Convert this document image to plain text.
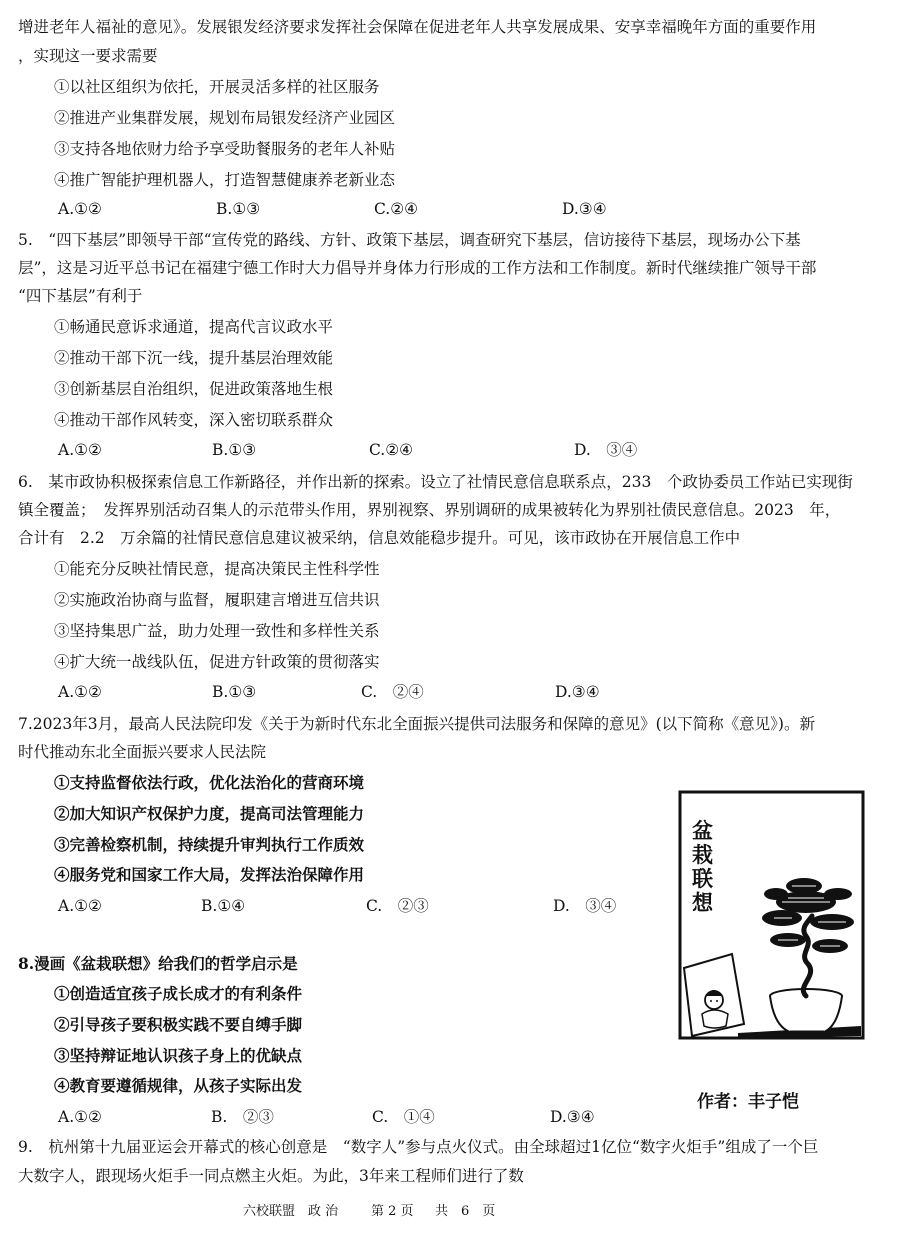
增进老年人福祉的意见》。发展银发经济要求发挥社会保障在促进老年人共享发展成果、安享幸福晚年方面的重要作用
，实现这一要求需要
①以社区组织为依托，开展灵活多样的社区服务
②推进产业集群发展，规划布局银发经济产业园区
③支持各地依财力给予享受助餐服务的老年人补贴
④推广智能护理机器人，打造智慧健康养老新业态
A.①②	B.①③	C.②④	D.③④
5.　“四下基层”即领导干部“宣传党的路线、方针、政策下基层，调查研究下基层，信访接待下基层，现场办公下基
层”，这是习近平总书记在福建宁德工作时大力倡导并身体力行形成的工作方法和工作制度。新时代继续推广领导干部
“四下基层”有利于
①畅通民意诉求通道，提高代言议政水平
②推动干部下沉一线，提升基层治理效能
③创新基层自治组织，促进政策落地生根
④推动干部作风转变，深入密切联系群众
A.①②	B.①③	C.②④	D.　③④
6.　某市政协积极探索信息工作新路径，并作出新的探索。设立了社情民意信息联系点，233　个政协委员工作站已实现街
镇全覆盖；　发挥界别活动召集人的示范带头作用，界别视察、界别调研的成果被转化为界别社债民意信息。2023　年，
合计有　2.2　万余篇的社情民意信息建议被采纳，信息效能稳步提升。可见，该市政协在开展信息工作中
①能充分反映社情民意，提高决策民主性科学性
②实施政治协商与监督，履职建言增进互信共识
③坚持集思广益，助力处理一致性和多样性关系
④扩大统一战线队伍，促进方针政策的贯彻落实
A.①②	B.①③	C.　②④	D.③④
7.2023年3月，最高人民法院印发《关于为新时代东北全面振兴提供司法服务和保障的意见》(以下简称《意见》)。新
时代推动东北全面振兴要求人民法院
①支持监督依法行政，优化法治化的营商环境
②加大知识产权保护力度，提高司法管理能力
③完善检察机制，持续提升审判执行工作质效
④服务党和国家工作大局，发挥法治保障作用
A.①②	B.①④	C.　②③	D.　③④
8.漫画《盆栽联想》给我们的哲学启示是
①创造适宜孩子成长成才的有利条件
②引导孩子要积极实践不要自缚手脚
③坚持辩证地认识孩子身上的优缺点
④教育要遵循规律，从孩子实际出发
A.①②	B.　②③	C.　①④	D.③④
盆
栽
联
想
TM
作者：丰子恺
9.　杭州第十九届亚运会开幕式的核心创意是　“数字人”参与点火仪式。由全球超过1亿位“数字火炬手”组成了一个巨
大数字人，跟现场火炬手一同点燃主火炬。为此，3年来工程师们进行了数
六校联盟　政 治	第 2 页 共　6　页
